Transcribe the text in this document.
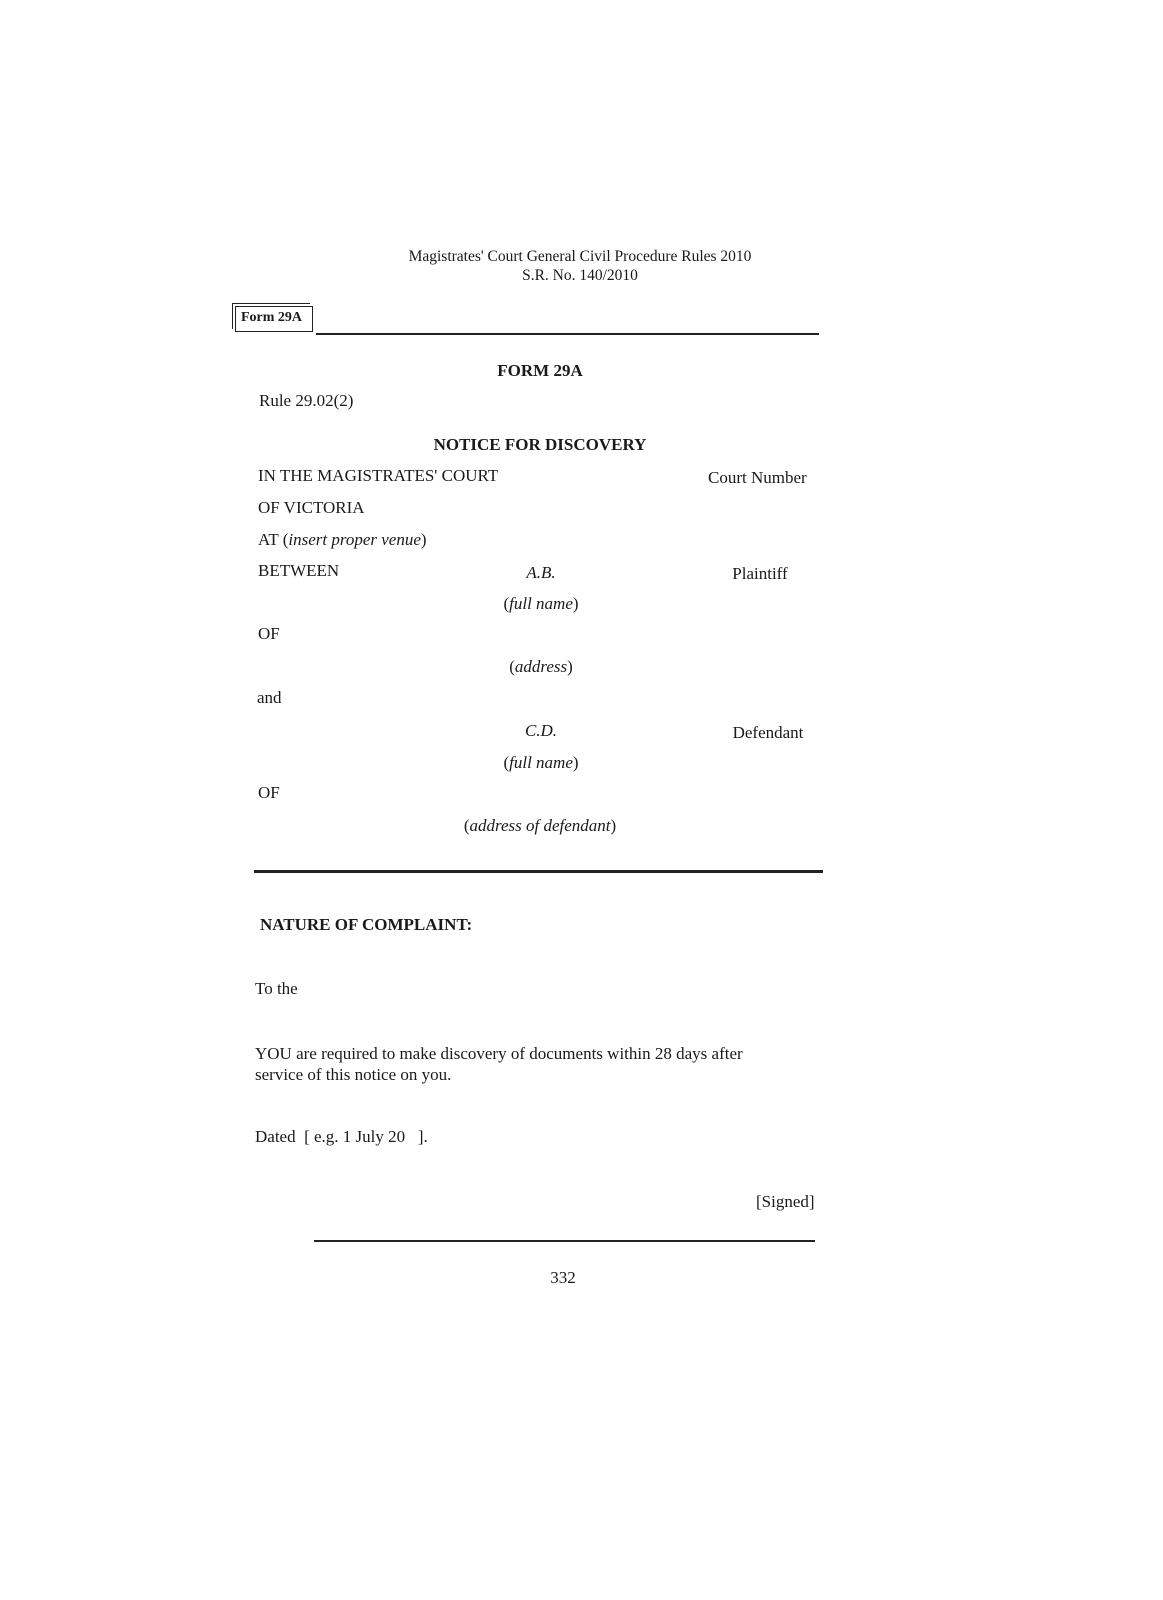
Magistrates' Court General Civil Procedure Rules 2010
S.R. No. 140/2010
Form 29A
FORM 29A
Rule 29.02(2)
NOTICE FOR DISCOVERY
IN THE MAGISTRATES' COURT	Court Number
OF VICTORIA
AT (insert proper venue)
BETWEEN	A.B.	Plaintiff
(full name)
OF
(address)
and
C.D.	Defendant
(full name)
OF
(address of defendant)
NATURE OF COMPLAINT:
To the
YOU are required to make discovery of documents within 28 days after
service of this notice on you.
Dated  [ e.g. 1 July 20   ].
[Signed]
332
